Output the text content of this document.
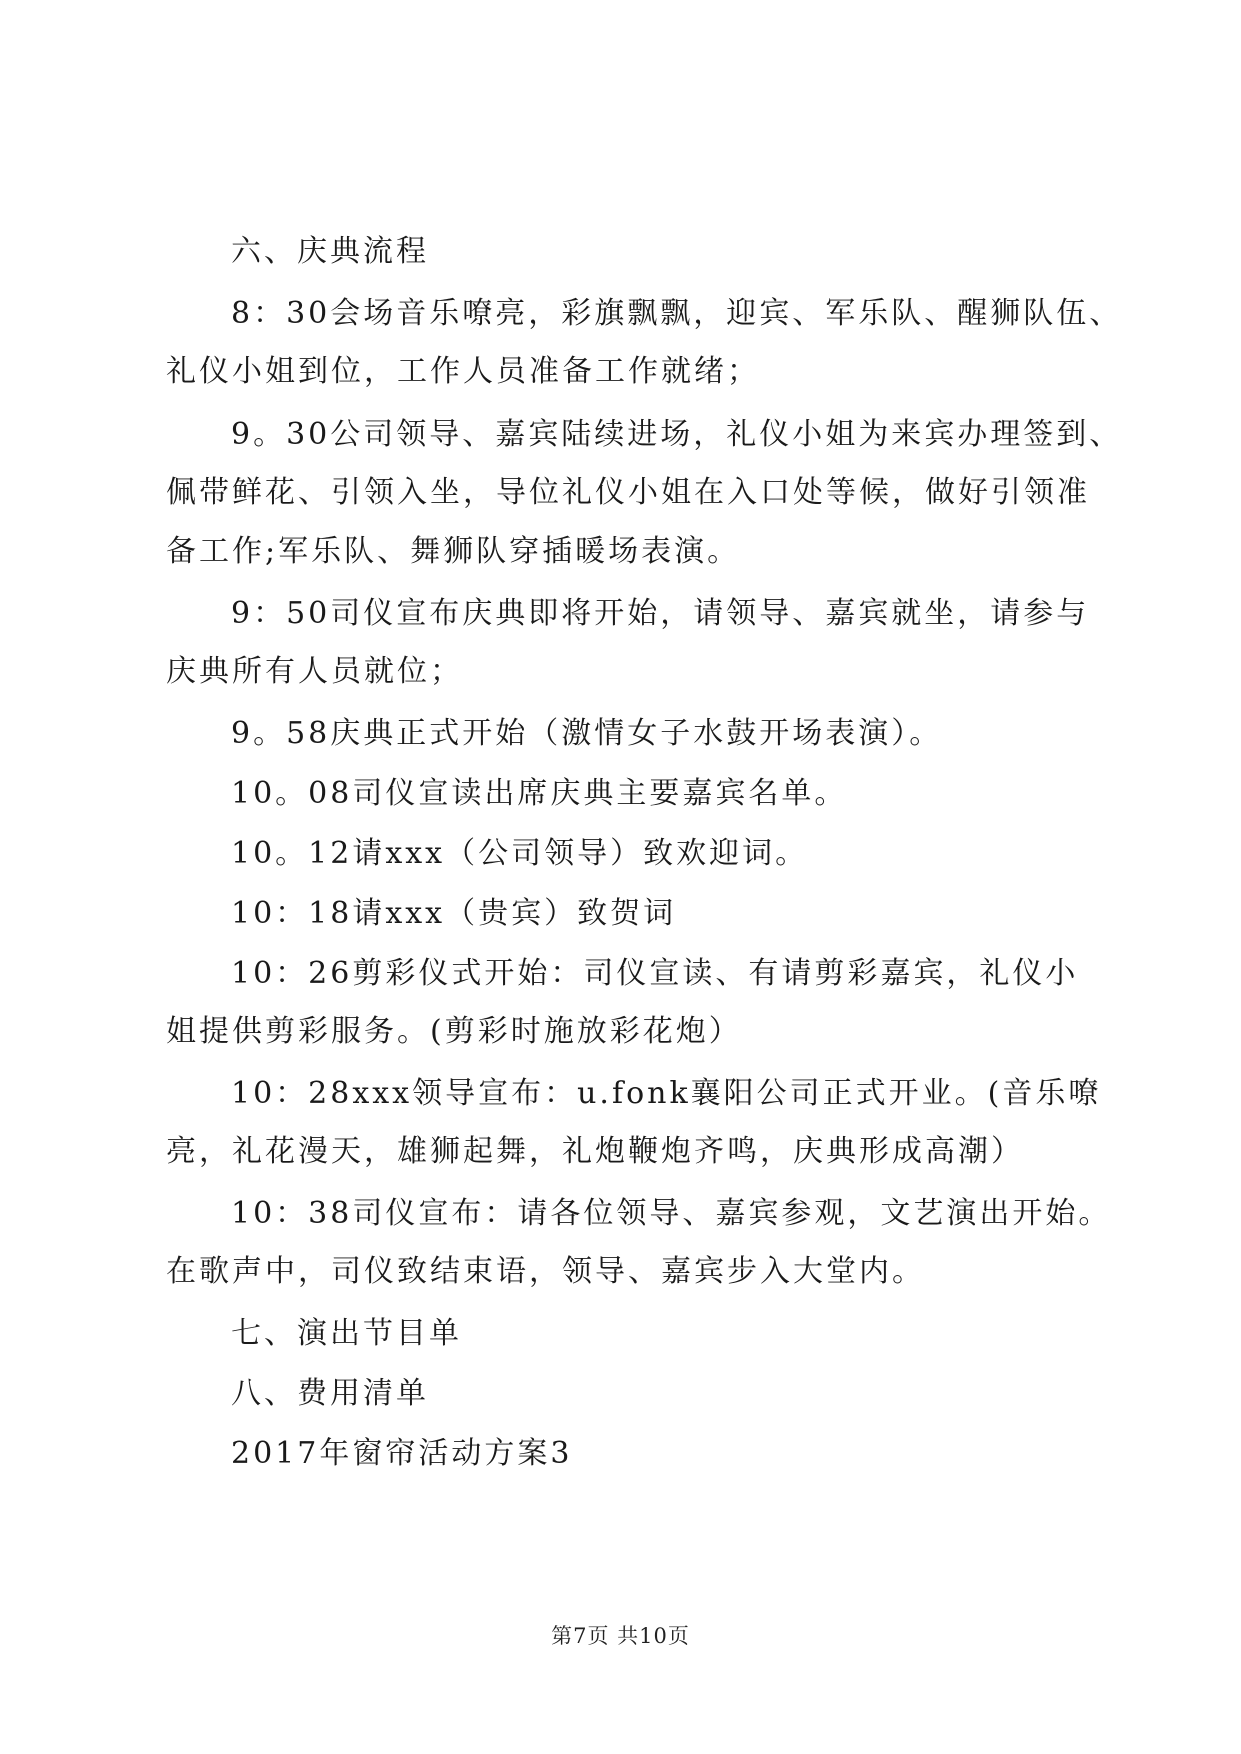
六、庆典流程
8：30会场音乐嘹亮，彩旗飘飘，迎宾、军乐队、醒狮队伍、
礼仪小姐到位，工作人员准备工作就绪；
9。30公司领导、嘉宾陆续进场，礼仪小姐为来宾办理签到、
佩带鲜花、引领入坐，导位礼仪小姐在入口处等候，做好引领准
备工作;军乐队、舞狮队穿插暖场表演。
9：50司仪宣布庆典即将开始，请领导、嘉宾就坐，请参与
庆典所有人员就位；
9。58庆典正式开始（激情女子水鼓开场表演）。
10。08司仪宣读出席庆典主要嘉宾名单。
10。12请xxx（公司领导）致欢迎词。
10：18请xxx（贵宾）致贺词
10：26剪彩仪式开始：司仪宣读、有请剪彩嘉宾，礼仪小
姐提供剪彩服务。(剪彩时施放彩花炮）
10：28xxx领导宣布：u.fonk襄阳公司正式开业。(音乐嘹
亮，礼花漫天，雄狮起舞，礼炮鞭炮齐鸣，庆典形成高潮）
10：38司仪宣布：请各位领导、嘉宾参观，文艺演出开始。
在歌声中，司仪致结束语，领导、嘉宾步入大堂内。
七、演出节目单
八、费用清单
2017年窗帘活动方案3
第7页 共10页
